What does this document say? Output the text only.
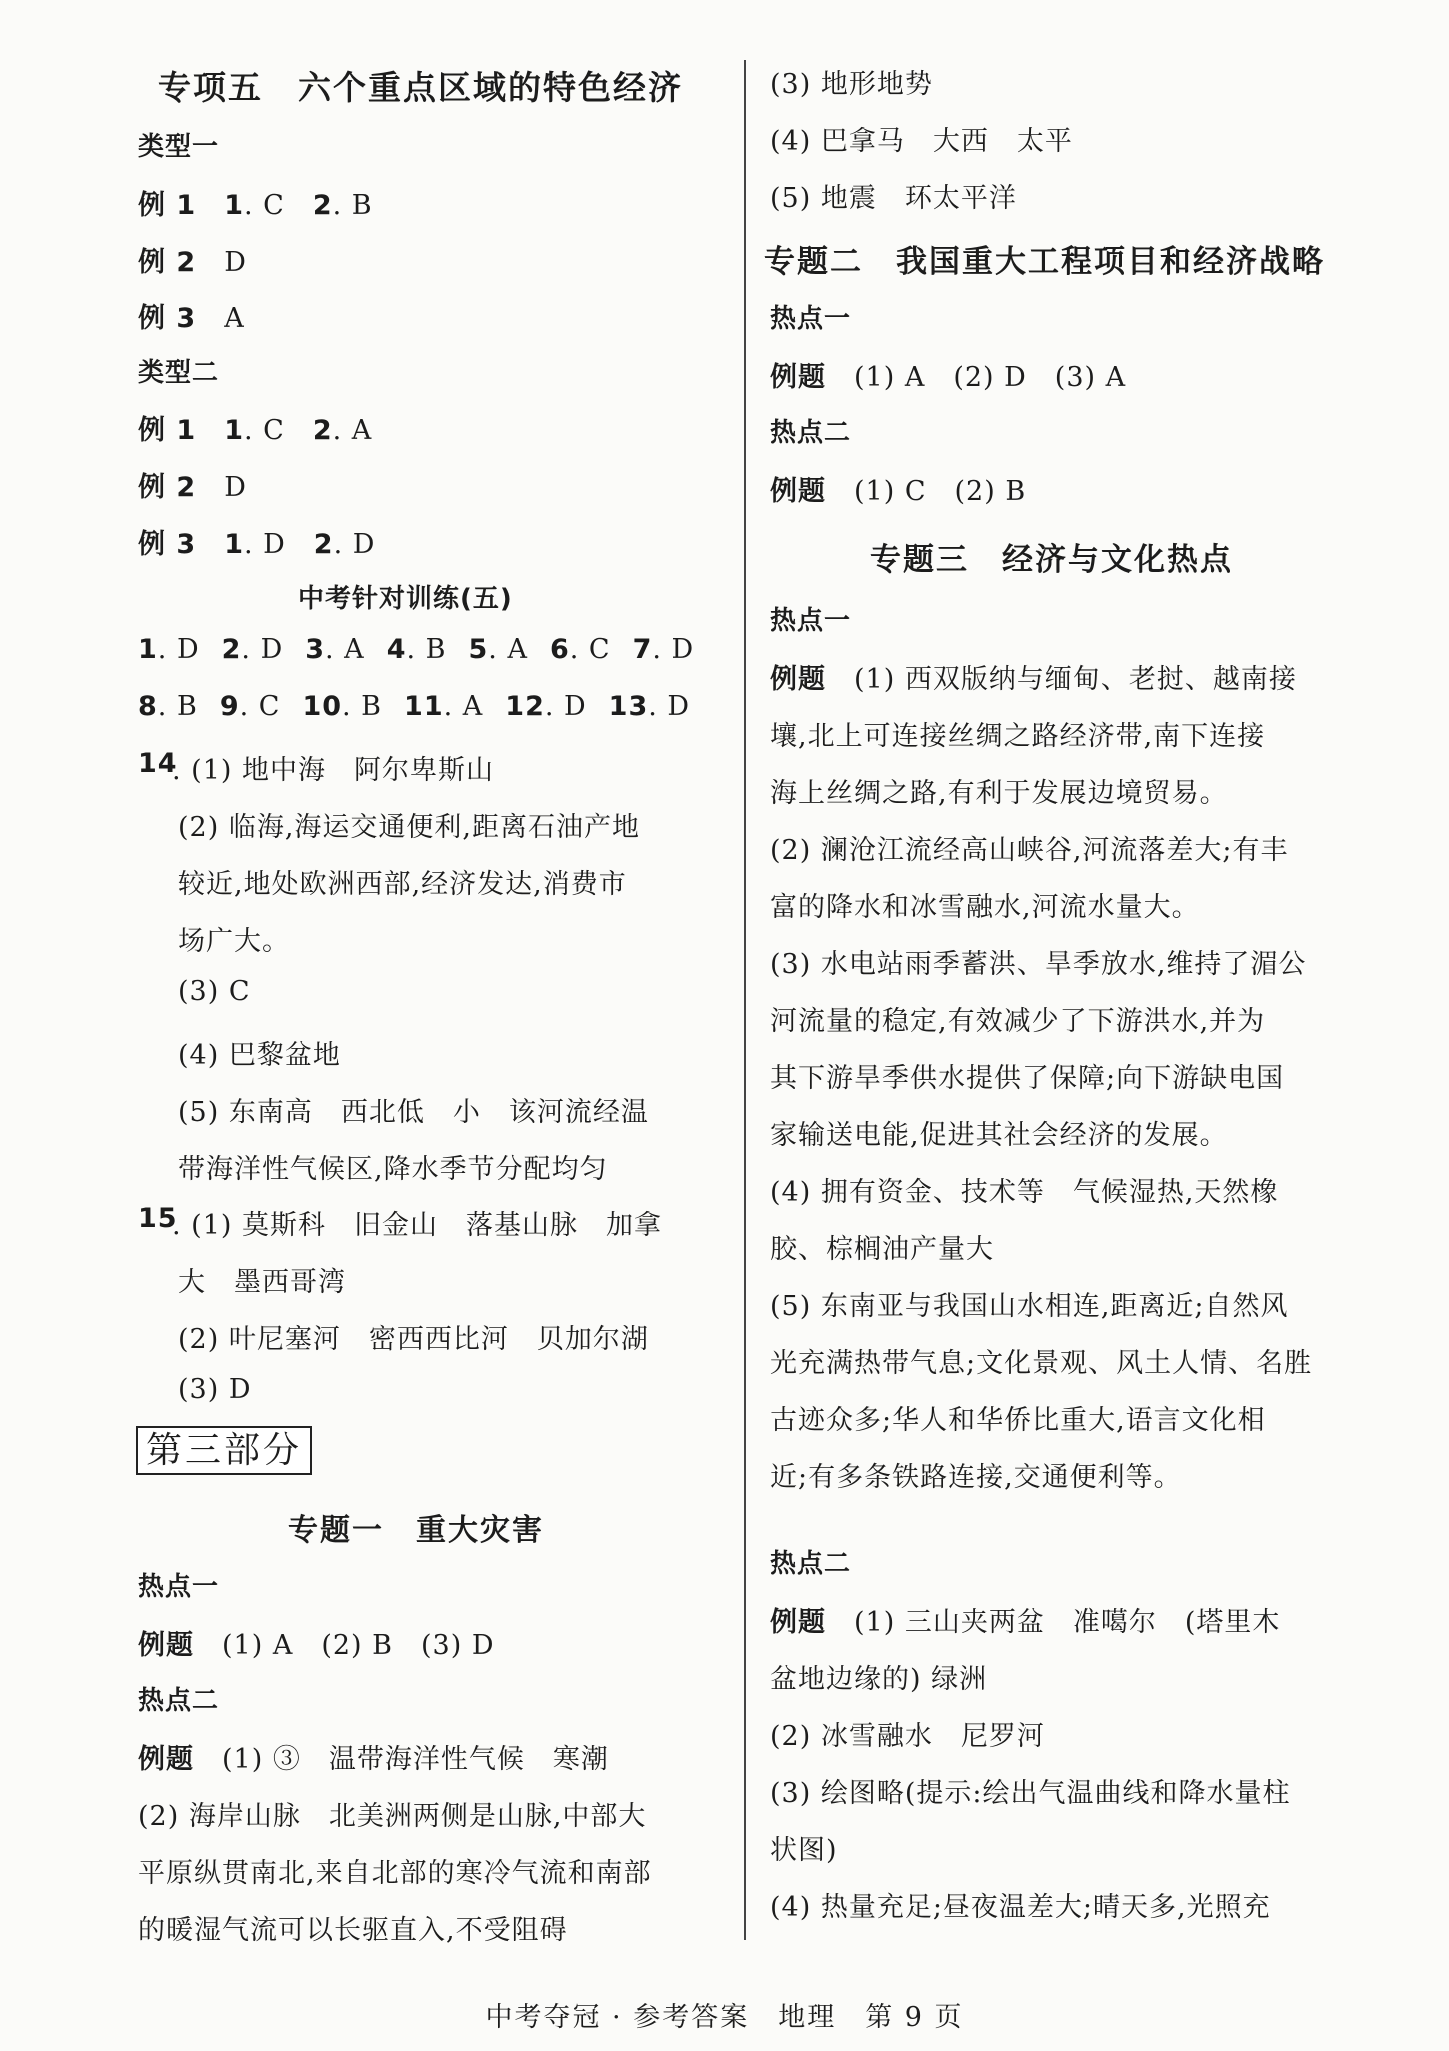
专项五　六个重点区域的特色经济
类型一
例 1　 1. C　 2. B
例 2　 D
例 3　 A
类型二
例 1　 1. C　 2. A
例 2　 D
例 3　 1. D　 2. D
中考针对训练(五)
1. D 2. D 3. A 4. B 5. A 6. C 7. D
8. B 9. C 10. B 11. A 12. D 13. D
14
. (1) 地中海　阿尔卑斯山
(2) 临海,海运交通便利,距离石油产地
较近,地处欧洲西部,经济发达,消费市
场广大。
(3) C
(4) 巴黎盆地
(5) 东南高　西北低　小　该河流经温
带海洋性气候区,降水季节分配均匀
15
. (1) 莫斯科　旧金山　落基山脉　加拿
大　墨西哥湾
(2) 叶尼塞河　密西西比河　贝加尔湖
(3) D
第三部分
专题一　重大灾害
热点一
例题　 (1) A　(2) B　(3) D
热点二
例题　 (1) ③　温带海洋性气候　寒潮
(2) 海岸山脉　北美洲两侧是山脉,中部大
平原纵贯南北,来自北部的寒冷气流和南部
的暖湿气流可以长驱直入,不受阻碍
(3) 地形地势
(4) 巴拿马　大西　太平
(5) 地震　环太平洋
专题二　我国重大工程项目和经济战略
热点一
例题　 (1) A　(2) D　(3) A
热点二
例题　 (1) C　(2) B
专题三　经济与文化热点
热点一
例题　 (1) 西双版纳与缅甸、老挝、越南接
壤,北上可连接丝绸之路经济带,南下连接
海上丝绸之路,有利于发展边境贸易。
(2) 澜沧江流经高山峡谷,河流落差大;有丰
富的降水和冰雪融水,河流水量大。
(3) 水电站雨季蓄洪、旱季放水,维持了湄公
河流量的稳定,有效减少了下游洪水,并为
其下游旱季供水提供了保障;向下游缺电国
家输送电能,促进其社会经济的发展。
(4) 拥有资金、技术等　气候湿热,天然橡
胶、棕榈油产量大
(5) 东南亚与我国山水相连,距离近;自然风
光充满热带气息;文化景观、风土人情、名胜
古迹众多;华人和华侨比重大,语言文化相
近;有多条铁路连接,交通便利等。
热点二
例题　 (1) 三山夹两盆　准噶尔　(塔里木
盆地边缘的) 绿洲
(2) 冰雪融水　尼罗河
(3) 绘图略(提示:绘出气温曲线和降水量柱
状图)
(4) 热量充足;昼夜温差大;晴天多,光照充
中考夺冠 · 参考答案　地理　第 9 页
